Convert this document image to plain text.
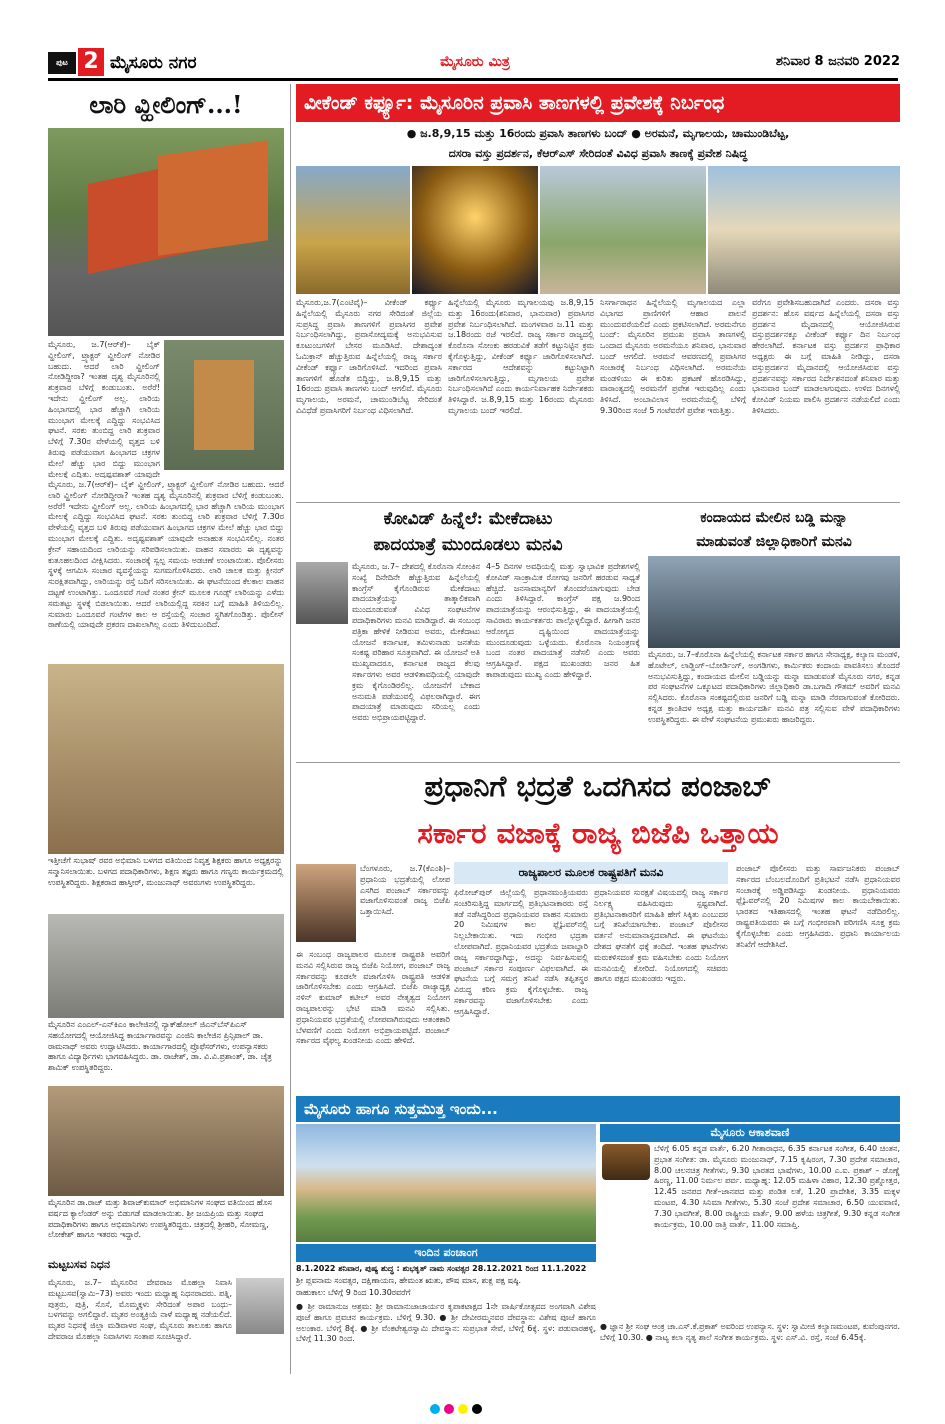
ಪುಟ 2 ಮೈಸೂರು ನಗರ	ಮೈಸೂರು ಮಿತ್ರ	ಶನಿವಾರ 8 ಜನವರಿ 2022
ಲಾರಿ ವ್ಹೀಲಿಂಗ್...!
ಮೈಸೂರು, ಜ.7(ಆರ್‌ಕೆ)– ಬೈಕ್ ವ್ಹೀಲಿಂಗ್, ಟ್ರ್ಯಾಕ್ಟರ್ ವ್ಹೀಲಿಂಗ್ ನೋಡಿರ ಬಹುದು. ಆದರೆ ಲಾರಿ ವ್ಹೀಲಿಂಗ್ ನೋಡಿದ್ದೀರಾ? ಇಂತಹ ದೃಶ್ಯ ಮೈಸೂರಿನಲ್ಲಿ ಶುಕ್ರವಾರ ಬೆಳಿಗ್ಗೆ ಕಂಡುಬಂತು. ಅರೆರೆ! ಇದೇನು ವ್ಹೀಲಿಂಗ್ ಅಲ್ಲ. ಲಾರಿಯ ಹಿಂಭಾಗದಲ್ಲಿ ಭಾರ ಹೆಚ್ಚಾಗಿ ಲಾರಿಯ ಮುಂಭಾಗ ಮೇಲಕ್ಕೆ ಎದ್ದಿದ್ದು ಸಂಭವಿಸಿದ ಘಟನೆ. ಸರಕು ತುಂಬಿದ್ದ ಲಾರಿ ಶುಕ್ರವಾರ ಬೆಳಿಗ್ಗೆ 7.30ರ ವೇಳೆಯಲ್ಲಿ ವೃತ್ತದ ಬಳಿ ತಿರುವು ಪಡೆಯುವಾಗ ಹಿಂಭಾಗದ ಚಕ್ರಗಳ ಮೇಲೆ ಹೆಚ್ಚು ಭಾರ ಬಿದ್ದು ಮುಂಭಾಗ ಮೇಲಕ್ಕೆ ಎದ್ದಿತು. ಅದೃಷ್ಟವಶಾತ್ ಯಾವುದೇ
ಮೈಸೂರು, ಜ.7(ಆರ್‌ಕೆ)– ಬೈಕ್ ವ್ಹೀಲಿಂಗ್, ಟ್ರ್ಯಾಕ್ಟರ್ ವ್ಹೀಲಿಂಗ್ ನೋಡಿರ ಬಹುದು. ಆದರೆ ಲಾರಿ ವ್ಹೀಲಿಂಗ್ ನೋಡಿದ್ದೀರಾ? ಇಂತಹ ದೃಶ್ಯ ಮೈಸೂರಿನಲ್ಲಿ ಶುಕ್ರವಾರ ಬೆಳಿಗ್ಗೆ ಕಂಡುಬಂತು. ಅರೆರೆ! ಇದೇನು ವ್ಹೀಲಿಂಗ್ ಅಲ್ಲ. ಲಾರಿಯ ಹಿಂಭಾಗದಲ್ಲಿ ಭಾರ ಹೆಚ್ಚಾಗಿ ಲಾರಿಯ ಮುಂಭಾಗ ಮೇಲಕ್ಕೆ ಎದ್ದಿದ್ದು ಸಂಭವಿಸಿದ ಘಟನೆ. ಸರಕು ತುಂಬಿದ್ದ ಲಾರಿ ಶುಕ್ರವಾರ ಬೆಳಿಗ್ಗೆ 7.30ರ ವೇಳೆಯಲ್ಲಿ ವೃತ್ತದ ಬಳಿ ತಿರುವು ಪಡೆಯುವಾಗ ಹಿಂಭಾಗದ ಚಕ್ರಗಳ ಮೇಲೆ ಹೆಚ್ಚು ಭಾರ ಬಿದ್ದು ಮುಂಭಾಗ ಮೇಲಕ್ಕೆ ಎದ್ದಿತು. ಅದೃಷ್ಟವಶಾತ್ ಯಾವುದೇ ಅನಾಹುತ ಸಂಭವಿಸಲಿಲ್ಲ. ನಂತರ ಕ್ರೇನ್ ಸಹಾಯದಿಂದ ಲಾರಿಯನ್ನು ಸರಿಪಡಿಸಲಾಯಿತು. ವಾಹನ ಸವಾರರು ಈ ದೃಶ್ಯವನ್ನು ಕುತೂಹಲದಿಂದ ವೀಕ್ಷಿಸಿದರು. ಸಂಚಾರಕ್ಕೆ ಸ್ವಲ್ಪ ಸಮಯ ಅಡಚಣೆ ಉಂಟಾಯಿತು. ಪೊಲೀಸರು ಸ್ಥಳಕ್ಕೆ ಆಗಮಿಸಿ ಸಂಚಾರ ವ್ಯವಸ್ಥೆಯನ್ನು ಸುಗಮಗೊಳಿಸಿದರು. ಲಾರಿ ಚಾಲಕ ಮತ್ತು ಕ್ಲೀನರ್ ಸುರಕ್ಷಿತವಾಗಿದ್ದು, ಲಾರಿಯನ್ನು ರಸ್ತೆ ಬದಿಗೆ ಸರಿಸಲಾಯಿತು. ಈ ಘಟನೆಯಿಂದ ಕೆಲಕಾಲ ವಾಹನ ದಟ್ಟಣೆ ಉಂಟಾಗಿತ್ತು. ಒಂದೂವರೆ ಗಂಟೆ ನಂತರ ಕ್ರೇನ್ ಮೂಲಕ ಗೂಡ್ಸ್ ಲಾರಿಯನ್ನು ಎಳೆದು ಸಮತಟ್ಟು ಸ್ಥಳಕ್ಕೆ ಬಿಡಲಾಯಿತು. ಆದರೆ ಲಾರಿಯಲ್ಲಿದ್ದ ಸರಕಿನ ಬಗ್ಗೆ ಮಾಹಿತಿ ತಿಳಿಯಲಿಲ್ಲ. ಸುಮಾರು ಒಂದೂವರೆ ಗಂಟೆಗಳ ಕಾಲ ಆ ರಸ್ತೆಯಲ್ಲಿ ಸಂಚಾರ ಸ್ಥಗಿತಗೊಂಡಿತ್ತು. ಪೊಲೀಸ್ ಠಾಣೆಯಲ್ಲಿ ಯಾವುದೇ ಪ್ರಕರಣ ದಾಖಲಾಗಿಲ್ಲ ಎಂದು ತಿಳಿದುಬಂದಿದೆ.
ಇತ್ತೀಚೆಗೆ ಸುಭಾಷ್ ರವರ ಅಭಿಮಾನಿ ಬಳಗದ ವತಿಯಿಂದ ನಿವೃತ್ತ ಶಿಕ್ಷಕರು ಹಾಗೂ ಅಧ್ಯಕ್ಷರನ್ನು ಸನ್ಮಾನಿಸಲಾಯಿತು. ಬಳಗದ ಪದಾಧಿಕಾರಿಗಳು, ಶಿಕ್ಷಣ ತಜ್ಞರು ಹಾಗೂ ಗಣ್ಯರು ಕಾರ್ಯಕ್ರಮದಲ್ಲಿ ಉಪಸ್ಥಿತರಿದ್ದರು. ಶಿಕ್ಷಕರಾದ ಹಾಸ್ತೀರ್, ಮಂಜುನಾಥ್ ಅವರುಗಳು ಉಪಸ್ಥಿತರಿದ್ದರು.
ಮೈಸೂರಿನ ಎಂಎಲ್-ಎನ್‌ಕಿಎಂ ಕಾಲೇಜಿನಲ್ಲಿ ನ್ಯಾಕ್‌ಹೋಲ್ ಜಿಎನ್‌ಬೆಸ್‌ಪಿಎಸ್ ಸಹಯೋಗದಲ್ಲಿ ಆಯೋಜಿಸಿದ್ದ ಕಾರ್ಯಾಗಾರವನ್ನು ಎಂಜಿನಿ ಕಾಲೇಜಿನ ಪ್ರಿನ್ಸಿಪಾಲ್ ಡಾ. ರಾಮನಾಥ್ ಅವರು ಉದ್ಘಾಟಿಸಿದರು. ಕಾರ್ಯಾಗಾರದಲ್ಲಿ ಪ್ರೊಫೆಸರ್‌ಗಳು, ಉಪನ್ಯಾಸಕರು ಹಾಗೂ ವಿದ್ಯಾರ್ಥಿಗಳು ಭಾಗವಹಿಸಿದ್ದರು. ಡಾ. ರಾಜೇಶ್, ಡಾ. ವಿ.ವಿ.ಪ್ರಶಾಂತ್, ಡಾ. ಚೈತ್ರ ಶಾಮಿಕ್ ಉಪಸ್ಥಿತರಿದ್ದರು.
ಮೈಸೂರಿನ ಡಾ.ರಾಜ್ ಮತ್ತು ಶಿವಾಜ್‌ಕುಮಾರ್ ಅಭಿಮಾನಿಗಳ ಸಂಘದ ವತಿಯಿಂದ ಹೊಸ ವರ್ಷದ ಕ್ಯಾಲೆಂಡರ್ ಅನ್ನು ಬಿಡುಗಡೆ ಮಾಡಲಾಯಿತು. ಶ್ರೀ ಜಯಪ್ರಿಯ ಮತ್ತು ಸಂಘದ ಪದಾಧಿಕಾರಿಗಳು ಹಾಗೂ ಅಭಿಮಾನಿಗಳು ಉಪಸ್ಥಿತರಿದ್ದರು. ಚಿತ್ರದಲ್ಲಿ ಶ್ರೀಹರಿ, ಸೋಮಣ್ಣ, ಲೋಕೇಶ್ ಹಾಗೂ ಇತರರು ಇದ್ದಾರೆ.
ಮಟ್ಟಬಸವ ನಿಧನ
ಮೈಸೂರು, ಜ.7– ಮೈಸೂರಿನ ದೇವರಾಜ ಮೊಹಲ್ಲಾ ನಿವಾಸಿ ಮಟ್ಟಬಸವ(ಸ್ವಾಮಿ–73) ಅವರು ಇಂದು ಮಧ್ಯಾಹ್ನ ನಿಧನರಾದರು. ಪತ್ನಿ, ಪುತ್ರರು, ಪುತ್ರಿ, ಸೊಸೆ, ಮೊಮ್ಮಕ್ಕಳು ಸೇರಿದಂತೆ ಅಪಾರ ಬಂಧು–ಬಳಗವನ್ನು ಅಗಲಿದ್ದಾರೆ. ಮೃತರ ಅಂತ್ಯಕ್ರಿಯೆ ನಾಳೆ ಮಧ್ಯಾಹ್ನ ನಡೆಯಲಿದೆ. ಮೃತರ ನಿಧನಕ್ಕೆ ಜಿಲ್ಲಾ ಮಡಿವಾಳರ ಸಂಘ, ಮೈಸೂರು ತಾಲೂಕು ಹಾಗೂ ದೇವರಾಜ ಮೊಹಲ್ಲಾ ನಿವಾಸಿಗಳು ಸಂತಾಪ ಸೂಚಿಸಿದ್ದಾರೆ.
ವೀಕೆಂಡ್ ಕರ್ಫ್ಯೂ: ಮೈಸೂರಿನ ಪ್ರವಾಸಿ ತಾಣಗಳಲ್ಲಿ ಪ್ರವೇಶಕ್ಕೆ ನಿರ್ಬಂಧ
● ಜ.8,9,15 ಮತ್ತು 16ರಂದು ಪ್ರವಾಸಿ ತಾಣಗಳು ಬಂದ್ ● ಅರಮನೆ, ಮೃಗಾಲಯ, ಚಾಮುಂಡಿಬೆಟ್ಟ,
ದಸರಾ ವಸ್ತು ಪ್ರದರ್ಶನ, ಕೆಆರ್‌ಎಸ್ ಸೇರಿದಂತೆ ವಿವಿಧ ಪ್ರವಾಸಿ ತಾಣಕ್ಕೆ ಪ್ರವೇಶ ನಿಷಿದ್ಧ
ಮೈಸೂರು,ಜ.7(ಎಂಟಿವೈ)– ವೀಕೆಂಡ್ ಕರ್ಫ್ಯೂ ಹಿನ್ನೆಲೆಯಲ್ಲಿ ಮೈಸೂರು ನಗರ ಸೇರಿದಂತೆ ಜಿಲ್ಲೆಯ ಸುಪ್ರಸಿದ್ಧ ಪ್ರವಾಸಿ ತಾಣಗಳಿಗೆ ಪ್ರವಾಸಿಗರ ಪ್ರವೇಶ ನಿರ್ಬಂಧಿಸಲಾಗಿದ್ದು, ಪ್ರವಾಸೋದ್ಯಮಕ್ಕೆ ಅನುಭವಿಸುವ ಕೂಟುಂಬಗಳಿಗೆ ಬೇಸರ ಮೂಡಿಸಿದೆ. ದೇಶಾದ್ಯಂತ ಓಮಿಕ್ರಾನ್ ಹೆಚ್ಚುತ್ತಿರುವ ಹಿನ್ನೆಲೆಯಲ್ಲಿ ರಾಜ್ಯ ಸರ್ಕಾರ ವೀಕೆಂಡ್ ಕರ್ಫ್ಯೂ ಜಾರಿಗೊಳಿಸಿದೆ. ಇದರಿಂದ ಪ್ರವಾಸಿ ತಾಣಗಳಿಗೆ ಹೊಡೆತ ಬಿದ್ದಿದ್ದು, ಜ.8,9,15 ಮತ್ತು 16ರಂದು ಪ್ರವಾಸಿ ತಾಣಗಳು ಬಂದ್ ಆಗಲಿವೆ. ಮೈಸೂರು ಮೃಗಾಲಯ, ಅರಮನೆ, ಚಾಮುಂಡಿಬೆಟ್ಟ ಸೇರಿದಂತೆ ವಿವಿಧೆಡೆ ಪ್ರವಾಸಿಗರಿಗೆ ನಿರ್ಬಂಧ ವಿಧಿಸಲಾಗಿದೆ.
ಹಿನ್ನೆಲೆಯಲ್ಲಿ ಮೈಸೂರು ಮೃಗಾಲಯವು ಜ.8,9,15 ಮತ್ತು 16ರಂದು(ಶನಿವಾರ, ಭಾನುವಾರ) ಪ್ರವಾಸಿಗರ ಪ್ರವೇಶ ನಿರ್ಬಂಧಿಸಲಾಗಿದೆ. ಮಂಗಳವಾರ ಜ.11 ಮತ್ತು ಜ.18ರಂದು ರಜೆ ಇರಲಿದೆ. ರಾಜ್ಯ ಸರ್ಕಾರ ರಾಜ್ಯದಲ್ಲಿ ಕೊರೊನಾ ಸೋಂಕು ಹರಡುವಿಕೆ ತಡೆಗೆ ಕಟ್ಟುನಿಟ್ಟಿನ ಕ್ರಮ ಕೈಗೊಳ್ಳುತ್ತಿದ್ದು, ವೀಕೆಂಡ್ ಕರ್ಫ್ಯೂ ಜಾರಿಗೊಳಿಸಲಾಗಿದೆ. ಸರ್ಕಾರದ ಆದೇಶವನ್ನು ಕಟ್ಟುನಿಟ್ಟಾಗಿ ಜಾರಿಗೊಳಿಸಲಾಗುತ್ತಿದ್ದು, ಮೃಗಾಲಯ ಪ್ರವೇಶ ನಿರ್ಬಂಧಿಸಲಾಗಿದೆ ಎಂದು ಕಾರ್ಯನಿರ್ವಾಹಕ ನಿರ್ದೇಶಕರು ತಿಳಿಸಿದ್ದಾರೆ. ಜ.8,9,15 ಮತ್ತು 16ರಂದು ಮೈಸೂರು ಮೃಗಾಲಯ ಬಂದ್ ಇರಲಿದೆ.
ನಿಸರ್ಗಾರಾಧನ ಹಿನ್ನೆಲೆಯಲ್ಲಿ ಮೃಗಾಲಯದ ಎಲ್ಲಾ ವಿಭಾಗದ ಪ್ರಾಣಿಗಳಿಗೆ ಆಹಾರ ಪಾಲನೆ ಮುಂದುವರೆಯಲಿದೆ ಎಂದು ಪ್ರಕಟಿಸಲಾಗಿದೆ. ಅರಮನೆಗೂ ಬಂದ್: ಮೈಸೂರಿನ ಪ್ರಮುಖ ಪ್ರವಾಸಿ ತಾಣಗಳಲ್ಲಿ ಒಂದಾದ ಮೈಸೂರು ಅರಮನೆಯೂ ಶನಿವಾರ, ಭಾನುವಾರ ಬಂದ್ ಆಗಲಿದೆ. ಅರಮನೆ ಆವರಣದಲ್ಲಿ ಪ್ರವಾಸಿಗರ ಸಂಚಾರಕ್ಕೆ ನಿರ್ಬಂಧ ವಿಧಿಸಲಾಗಿದೆ. ಅರಮನೆಯ ಮಂಡಳಿಯು ಈ ಕುರಿತು ಪ್ರಕಟಣೆ ಹೊರಡಿಸಿದ್ದು, ವಾರಾಂತ್ಯದಲ್ಲಿ ಅರಮನೆಗೆ ಪ್ರವೇಶ ಇರುವುದಿಲ್ಲ ಎಂದು ತಿಳಿಸಿದೆ. ಅಂಬಾವಿಲಾಸ ಅರಮನೆಯಲ್ಲಿ ಬೆಳಿಗ್ಗೆ 9.30ರಿಂದ ಸಂಜೆ 5 ಗಂಟೆವರೆಗೆ ಪ್ರವೇಶ ಇರುತ್ತಿತ್ತು.
ವರೆಗೂ ಪ್ರವೇಶಿಸಬಹುದಾಗಿದೆ ಎಂದರು. ದಸರಾ ವಸ್ತು ಪ್ರದರ್ಶನ: ಹೊಸ ವರ್ಷದ ಹಿನ್ನೆಲೆಯಲ್ಲಿ ದಸರಾ ವಸ್ತು ಪ್ರದರ್ಶನ ಮೈದಾನದಲ್ಲಿ ಆಯೋಜಿಸಿರುವ ವಸ್ತುಪ್ರದರ್ಶನಕ್ಕೂ ವೀಕೆಂಡ್ ಕರ್ಫ್ಯೂ ದಿನ ನಿರ್ಬಂಧ ಹೇರಲಾಗಿದೆ. ಕರ್ನಾಟಕ ವಸ್ತು ಪ್ರದರ್ಶನ ಪ್ರಾಧಿಕಾರ ಅಧ್ಯಕ್ಷರು ಈ ಬಗ್ಗೆ ಮಾಹಿತಿ ನೀಡಿದ್ದು, ದಸರಾ ವಸ್ತುಪ್ರದರ್ಶನ ಮೈದಾನದಲ್ಲಿ ಆಯೋಜಿಸಿರುವ ವಸ್ತು ಪ್ರದರ್ಶನವನ್ನು ಸರ್ಕಾರದ ನಿರ್ದೇಶನದಂತೆ ಶನಿವಾರ ಮತ್ತು ಭಾನುವಾರ ಬಂದ್ ಮಾಡಲಾಗುವುದು. ಉಳಿದ ದಿನಗಳಲ್ಲಿ ಕೋವಿಡ್ ನಿಯಮ ಪಾಲಿಸಿ ಪ್ರದರ್ಶನ ನಡೆಯಲಿದೆ ಎಂದು ತಿಳಿಸಿದರು.
ಕೋವಿಡ್ ಹಿನ್ನೆಲೆ: ಮೇಕೆದಾಟು
ಪಾದಯಾತ್ರೆ ಮುಂದೂಡಲು ಮನವಿ
ಮೈಸೂರು, ಜ.7– ದೇಶದಲ್ಲಿ ಕೊರೊನಾ ಸೋಂಕಿನ ಸಂಖ್ಯೆ ದಿನೇದಿನೇ ಹೆಚ್ಚುತ್ತಿರುವ ಹಿನ್ನೆಲೆಯಲ್ಲಿ ಕಾಂಗ್ರೆಸ್ ಕೈಗೊಂಡಿರುವ ಮೇಕೆದಾಟು ಪಾದಯಾತ್ರೆಯನ್ನು ತಾತ್ಕಾಲಿಕವಾಗಿ ಮುಂದೂಡುವಂತೆ ವಿವಿಧ ಸಂಘಟನೆಗಳ ಪದಾಧಿಕಾರಿಗಳು ಮನವಿ ಮಾಡಿದ್ದಾರೆ. ಈ ಸಂಬಂಧ ಪತ್ರಿಕಾ ಹೇಳಿಕೆ ನೀಡಿರುವ ಅವರು, ಮೇಕೆದಾಟು ಯೋಜನೆ ಕರ್ನಾಟಕ, ತಮಿಳುನಾಡು ಜನತೆಯ ಸಂಕಷ್ಟ ಪರಿಹಾರ ಸೂತ್ರವಾಗಿದೆ. ಈ ಯೋಜನೆ ಅತಿ ಮುಖ್ಯವಾದರೂ, ಕರ್ನಾಟಕ ರಾಜ್ಯದ ಕೆಲವು ಸರ್ಕಾರಗಳು ಅವರ ಆಡಳಿತಾವಧಿಯಲ್ಲಿ ಯಾವುದೇ ಕ್ರಮ ಕೈಗೊಂಡಿರಲಿಲ್ಲ. ಯೋಜನೆಗೆ ಬೇಕಾದ ಅನುಮತಿ ಪಡೆಯುವಲ್ಲಿ ವಿಫಲರಾಗಿದ್ದಾರೆ. ಈಗ ಪಾದಯಾತ್ರೆ ಮಾಡುವುದು ಸರಿಯಲ್ಲ ಎಂದು ಅವರು ಅಭಿಪ್ರಾಯಪಟ್ಟಿದ್ದಾರೆ.
4–5 ದಿನಗಳ ಅವಧಿಯಲ್ಲಿ ಮತ್ತು ಸ್ವಾಭಾವಿಕ ಪ್ರದೇಶಗಳಲ್ಲಿ ಕೋವಿಡ್ ಸಾಂಕ್ರಾಮಿಕ ರೋಗವು ಜನರಿಗೆ ಹರಡುವ ಸಾಧ್ಯತೆ ಹೆಚ್ಚಿದೆ. ಜನಸಾಮಾನ್ಯರಿಗೆ ತೊಂದರೆಯಾಗುವುದು ಬೇಡ ಎಂದು ತಿಳಿಸಿದ್ದಾರೆ. ಕಾಂಗ್ರೆಸ್ ಪಕ್ಷ ಜ.9ರಿಂದ ಪಾದಯಾತ್ರೆಯನ್ನು ಆರಂಭಿಸುತ್ತಿದ್ದು, ಈ ಪಾದಯಾತ್ರೆಯಲ್ಲಿ ಸಾವಿರಾರು ಕಾರ್ಯಕರ್ತರು ಪಾಲ್ಗೊಳ್ಳಲಿದ್ದಾರೆ. ಹೀಗಾಗಿ ಜನರ ಆರೋಗ್ಯದ ದೃಷ್ಟಿಯಿಂದ ಪಾದಯಾತ್ರೆಯನ್ನು ಮುಂದೂಡುವುದು ಒಳ್ಳೆಯದು. ಕೊರೊನಾ ನಿಯಂತ್ರಣಕ್ಕೆ ಬಂದ ನಂತರ ಪಾದಯಾತ್ರೆ ನಡೆಸಲಿ ಎಂದು ಅವರು ಆಗ್ರಹಿಸಿದ್ದಾರೆ. ಪಕ್ಷದ ಮುಖಂಡರು ಜನರ ಹಿತ ಕಾಪಾಡುವುದು ಮುಖ್ಯ ಎಂದು ಹೇಳಿದ್ದಾರೆ.
ಕಂದಾಯದ ಮೇಲಿನ ಬಡ್ಡಿ ಮನ್ನಾ
ಮಾಡುವಂತೆ ಜಿಲ್ಲಾಧಿಕಾರಿಗೆ ಮನವಿ
ಮೈಸೂರು, ಜ.7–ಕೊರೊನಾ ಹಿನ್ನೆಲೆಯಲ್ಲಿ ಕರ್ನಾಟಕ ಸರ್ಕಾರ ಹಾಗೂ ಸೇನಾಧ್ಯಕ್ಷ, ಕಲ್ಯಾಣ ಮಂಡಳಿ, ಹೊಟೇಲ್, ಲಾಡ್ಜಿಂಗ್–ಬೋರ್ಡಿಂಗ್, ಅಂಗಡಿಗಳು, ಕಾರ್ಮಿಕರು ಕಂದಾಯ ಪಾವತಿಸಲು ತೊಂದರೆ ಅನುಭವಿಸುತ್ತಿದ್ದು, ಕಂದಾಯದ ಮೇಲಿನ ಬಡ್ಡಿಯನ್ನು ಮನ್ನಾ ಮಾಡುವಂತೆ ಮೈಸೂರು ನಗರ, ಕನ್ನಡ ಪರ ಸಂಘಟನೆಗಳ ಒಕ್ಕೂಟದ ಪದಾಧಿಕಾರಿಗಳು ಜಿಲ್ಲಾಧಿಕಾರಿ ಡಾ.ಬಗಾದಿ ಗೌತಮ್ ಅವರಿಗೆ ಮನವಿ ಸಲ್ಲಿಸಿದರು. ಕೊರೊನಾ ಸಂಕಷ್ಟದಲ್ಲಿರುವ ಜನರಿಗೆ ಬಡ್ಡಿ ಮನ್ನಾ ಮಾಡಿ ನೆರವಾಗುವಂತೆ ಕೋರಿದರು. ಕನ್ನಡ ಕ್ರಾಂತಿದಳ ಅಧ್ಯಕ್ಷ ಮತ್ತು ಕಾರ್ಯದರ್ಶಿ ಮನವಿ ಪತ್ರ ಸಲ್ಲಿಸುವ ವೇಳೆ ಪದಾಧಿಕಾರಿಗಳು ಉಪಸ್ಥಿತರಿದ್ದರು. ಈ ವೇಳೆ ಸಂಘಟನೆಯ ಪ್ರಮುಖರು ಹಾಜರಿದ್ದರು.
ಪ್ರಧಾನಿಗೆ ಭದ್ರತೆ ಒದಗಿಸದ ಪಂಜಾಬ್
ಸರ್ಕಾರ ವಜಾಕ್ಕೆ ರಾಜ್ಯ ಬಿಜೆಪಿ ಒತ್ತಾಯ
ಬೆಂಗಳೂರು, ಜ.7(ಕೆಎಂಶಿ)– ಪ್ರಧಾನಿಯ ಭದ್ರತೆಯಲ್ಲಿ ಲೋಪ ಎಸಗಿದ ಪಂಜಾಬ್ ಸರ್ಕಾರವನ್ನು ವಜಾಗೊಳಿಸುವಂತೆ ರಾಜ್ಯ ಬಿಜೆಪಿ ಒತ್ತಾಯಿಸಿದೆ.
ರಾಜ್ಯಪಾಲರ ಮೂಲಕ ರಾಷ್ಟ್ರಪತಿಗೆ ಮನವಿ
ಈ ಸಂಬಂಧ ರಾಜ್ಯಪಾಲರ ಮೂಲಕ ರಾಷ್ಟ್ರಪತಿ ಅವರಿಗೆ ಮನವಿ ಸಲ್ಲಿಸಿರುವ ರಾಜ್ಯ ಬಿಜೆಪಿ ನಿಯೋಗ, ಪಂಜಾಬ್ ರಾಜ್ಯ ಸರ್ಕಾರವನ್ನು ಕೂಡಲೇ ವಜಾಗೊಳಿಸಿ ರಾಷ್ಟ್ರಪತಿ ಆಡಳಿತ ಜಾರಿಗೊಳಿಸಬೇಕು ಎಂದು ಆಗ್ರಹಿಸಿದೆ. ಬಿಜೆಪಿ ರಾಜ್ಯಾಧ್ಯಕ್ಷ ನಳಿನ್ ಕುಮಾರ್ ಕಟೀಲ್ ಅವರ ನೇತೃತ್ವದ ನಿಯೋಗ ರಾಜ್ಯಪಾಲರನ್ನು ಭೇಟಿ ಮಾಡಿ ಮನವಿ ಸಲ್ಲಿಸಿತು. ಪ್ರಧಾನಿಯವರ ಭದ್ರತೆಯಲ್ಲಿ ಲೋಪವಾಗಿರುವುದು ಆತಂಕಕಾರಿ ಬೆಳವಣಿಗೆ ಎಂದು ನಿಯೋಗ ಅಭಿಪ್ರಾಯಪಟ್ಟಿದೆ. ಪಂಜಾಬ್ ಸರ್ಕಾರದ ವೈಫಲ್ಯ ಖಂಡನೀಯ ಎಂದು ಹೇಳಿದೆ.
ಫಿರೋಜ್‌ಪುರ್ ಜಿಲ್ಲೆಯಲ್ಲಿ ಪ್ರಧಾನಮಂತ್ರಿಯವರು ಸಂಚರಿಸುತ್ತಿದ್ದ ಮಾರ್ಗದಲ್ಲಿ ಪ್ರತಿಭಟನಾಕಾರರು ರಸ್ತೆ ತಡೆ ನಡೆಸಿದ್ದರಿಂದ ಪ್ರಧಾನಿಯವರ ವಾಹನ ಸುಮಾರು 20 ನಿಮಿಷಗಳ ಕಾಲ ಫ್ಲೈಓವರ್‌ನಲ್ಲಿ ನಿಲ್ಲಬೇಕಾಯಿತು. ಇದು ಗಂಭೀರ ಭದ್ರತಾ ಲೋಪವಾಗಿದೆ. ಪ್ರಧಾನಿಯವರ ಭದ್ರತೆಯ ಜವಾಬ್ದಾರಿ ರಾಜ್ಯ ಸರ್ಕಾರದ್ದಾಗಿದ್ದು, ಅದನ್ನು ನಿರ್ವಹಿಸುವಲ್ಲಿ ಪಂಜಾಬ್ ಸರ್ಕಾರ ಸಂಪೂರ್ಣ ವಿಫಲವಾಗಿದೆ. ಈ ಘಟನೆಯ ಬಗ್ಗೆ ಸಮಗ್ರ ತನಿಖೆ ನಡೆಸಿ ತಪ್ಪಿತಸ್ಥರ ವಿರುದ್ಧ ಕಠಿಣ ಕ್ರಮ ಕೈಗೊಳ್ಳಬೇಕು. ರಾಜ್ಯ ಸರ್ಕಾರವನ್ನು ವಜಾಗೊಳಿಸಬೇಕು ಎಂದು ಆಗ್ರಹಿಸಿದ್ದಾರೆ.
ಪ್ರಧಾನಿಯವರ ಸುರಕ್ಷತೆ ವಿಷಯದಲ್ಲಿ ರಾಜ್ಯ ಸರ್ಕಾರ ನಿರ್ಲಕ್ಷ್ಯ ವಹಿಸಿರುವುದು ಸ್ಪಷ್ಟವಾಗಿದೆ. ಪ್ರತಿಭಟನಾಕಾರರಿಗೆ ಮಾಹಿತಿ ಹೇಗೆ ಸಿಕ್ಕಿತು ಎಂಬುದರ ಬಗ್ಗೆ ತನಿಖೆಯಾಗಬೇಕು. ಪಂಜಾಬ್ ಪೊಲೀಸರ ವರ್ತನೆ ಅನುಮಾನಾಸ್ಪದವಾಗಿದೆ. ಈ ಘಟನೆಯು ದೇಶದ ಘನತೆಗೆ ಧಕ್ಕೆ ತಂದಿದೆ. ಇಂತಹ ಘಟನೆಗಳು ಮರುಕಳಿಸದಂತೆ ಕ್ರಮ ವಹಿಸಬೇಕು ಎಂದು ನಿಯೋಗ ಮನವಿಯಲ್ಲಿ ಕೋರಿದೆ. ನಿಯೋಗದಲ್ಲಿ ಸಚಿವರು ಹಾಗೂ ಪಕ್ಷದ ಮುಖಂಡರು ಇದ್ದರು.
ಪಂಜಾಬ್ ಪೊಲೀಸರು ಮತ್ತು ಸಾರ್ವಜನಿಕರು ಪಂಜಾಬ್ ಸರ್ಕಾರದ ಬೆಂಬಲದೊಂದಿಗೆ ಪ್ರತಿಭಟನೆ ನಡೆಸಿ ಪ್ರಧಾನಿಯವರ ಸಂಚಾರಕ್ಕೆ ಅಡ್ಡಿಪಡಿಸಿದ್ದು ಖಂಡನೀಯ. ಪ್ರಧಾನಿಯವರು ಫ್ಲೈಓವರ್‌ನಲ್ಲಿ 20 ನಿಮಿಷಗಳ ಕಾಲ ಕಾಯಬೇಕಾಯಿತು. ಭಾರತದ ಇತಿಹಾಸದಲ್ಲಿ ಇಂತಹ ಘಟನೆ ನಡೆದಿರಲಿಲ್ಲ. ರಾಷ್ಟ್ರಪತಿಯವರು ಈ ಬಗ್ಗೆ ಗಂಭೀರವಾಗಿ ಪರಿಗಣಿಸಿ ಸೂಕ್ತ ಕ್ರಮ ಕೈಗೊಳ್ಳಬೇಕು ಎಂದು ಆಗ್ರಹಿಸಿದರು. ಪ್ರಧಾನಿ ಕಾರ್ಯಾಲಯ ತನಿಖೆಗೆ ಆದೇಶಿಸಿದೆ.
ಮೈಸೂರು ಹಾಗೂ ಸುತ್ತಮುತ್ತ ಇಂದು...
ಇಂದಿನ ಪಂಚಾಂಗ
8.1.2022 ಶನಿವಾರ, ಪುಷ್ಯ ಶುದ್ಧ : ಶುಭಕೃತ್ ನಾಮ ಸಂವತ್ಸರ 28.12.2021 ರಿಂದ 11.1.2022
ಶ್ರೀ ಪ್ಲವನಾಮ ಸಂವತ್ಸರ, ದಕ್ಷಿಣಾಯಣ, ಹೇಮಂತ ಋತು, ಪೌಷ ಮಾಸ, ಶುಕ್ಲ ಪಕ್ಷ ಷಷ್ಠಿ.
ರಾಹುಕಾಲ: ಬೆಳಿಗ್ಗೆ 9 ರಿಂದ 10.30ರವರೆಗೆ
● ಶ್ರೀ ರಾಮಾನುಜ ಆಶ್ರಮ: ಶ್ರೀ ರಾಮಾನುಜಾಚಾರ್ಯರ ಕೃಪಾಕಟಾಕ್ಷದ 1ನೇ ವಾರ್ಷಿಕೋತ್ಸವದ ಅಂಗವಾಗಿ ವಿಶೇಷ ಪೂಜೆ ಹಾಗೂ ಪ್ರವಚನ ಕಾರ್ಯಕ್ರಮ. ಬೆಳಿಗ್ಗೆ 9.30. ● ಶ್ರೀ ದೇವೀರಮ್ಮನವರ ದೇವಸ್ಥಾನ: ವಿಶೇಷ ಪೂಜೆ ಹಾಗೂ ಅಲಂಕಾರ. ಬೆಳಿಗ್ಗೆ 8ಕ್ಕೆ. ● ಶ್ರೀ ವೆಂಕಟೇಶ್ವರಸ್ವಾಮಿ ದೇವಸ್ಥಾನ: ಸುಪ್ರಭಾತ ಸೇವೆ, ಬೆಳಿಗ್ಗೆ 6ಕ್ಕೆ. ಸ್ಥಳ: ಪಡುವಾರಹಳ್ಳಿ, ಬೆಳಿಗ್ಗೆ 11.30 ರಿಂದ.
ಮೈಸೂರು ಆಕಾಶವಾಣಿ
ಬೆಳಿಗ್ಗೆ 6.05 ಕನ್ನಡ ವಾರ್ತೆ, 6.20 ಗೀತಾರಾಧನ, 6.35 ಕರ್ನಾಟಕ ಸಂಗೀತ, 6.40 ಚಿಂತನ, ಪ್ರಭಾತ ಸಂಗೀತ: ಡಾ. ಮೈಸೂರು ಮಂಜುನಾಥ್, 7.15 ಕೃಷಿರಂಗ, 7.30 ಪ್ರದೇಶ ಸಮಾಚಾರ, 8.00 ಚಲನಚಿತ್ರ ಗೀತೆಗಳು, 9.30 ಭಾರತದ ಭಾಷೆಗಳು, 10.00 ಎ.ಐ. ಪ್ರಕಾಶ್ – ಡೊಣ್ಣೆ ಹಿರಣ್ಣ, 11.00 ನಿರ್ಮಲ ಪರ್ವ. ಮಧ್ಯಾಹ್ನ: 12.05 ಮಹಿಳಾ ವಿಹಾರ, 12.30 ಪ್ರಶ್ನೋತ್ತರ, 12.45 ಜನಪದ ಗೀತೆ–ಜಾನಪದ ಮತ್ತು ಪಂಡಿತ ಲತೆ, 1.20 ಪ್ರಾದೇಶಿಕ, 3.35 ಮಕ್ಕಳ ಮಂಟಪ, 4.30 ಸಿನಿಮಾ ಗೀತೆಗಳು, 5.30 ಸಂಜೆ ಪ್ರದೇಶ ಸಮಾಚಾರ, 6.50 ಯುವವಾಣಿ, 7.30 ಭಾವಗೀತೆ, 8.00 ರಾಷ್ಟ್ರೀಯ ವಾರ್ತೆ, 9.00 ಹಳೆಯ ಚಿತ್ರಗೀತೆ, 9.30 ಕನ್ನಡ ಸಂಗೀತ ಕಾರ್ಯಕ್ರಮ, 10.00 ರಾತ್ರಿ ವಾರ್ತೆ, 11.00 ಸಮಾಪ್ತಿ.
● ಜ್ಞಾನ ಶ್ರೀ ಸಂಘ ಆಂಕ್ರ ಚಾ.ಎಸ್.ಕೆ.ಪ್ರಕಾಶ್ ಅವರಿಂದ ಉಪನ್ಯಾಸ. ಸ್ಥಳ: ಸ್ವಾಮೀಜಿ ಕಲ್ಯಾಣಮಂಟಪ, ಕುವೆಂಪುನಗರ. ಬೆಳಿಗ್ಗೆ 10.30. ● ನಾಟ್ಯ ಕಲಾ ನೃತ್ಯ ಶಾಲೆ ಸಂಗೀತ ಕಾರ್ಯಕ್ರಮ. ಸ್ಥಳ: ಎಸ್.ವಿ. ರಸ್ತೆ, ಸಂಜೆ 6.45ಕ್ಕೆ.
